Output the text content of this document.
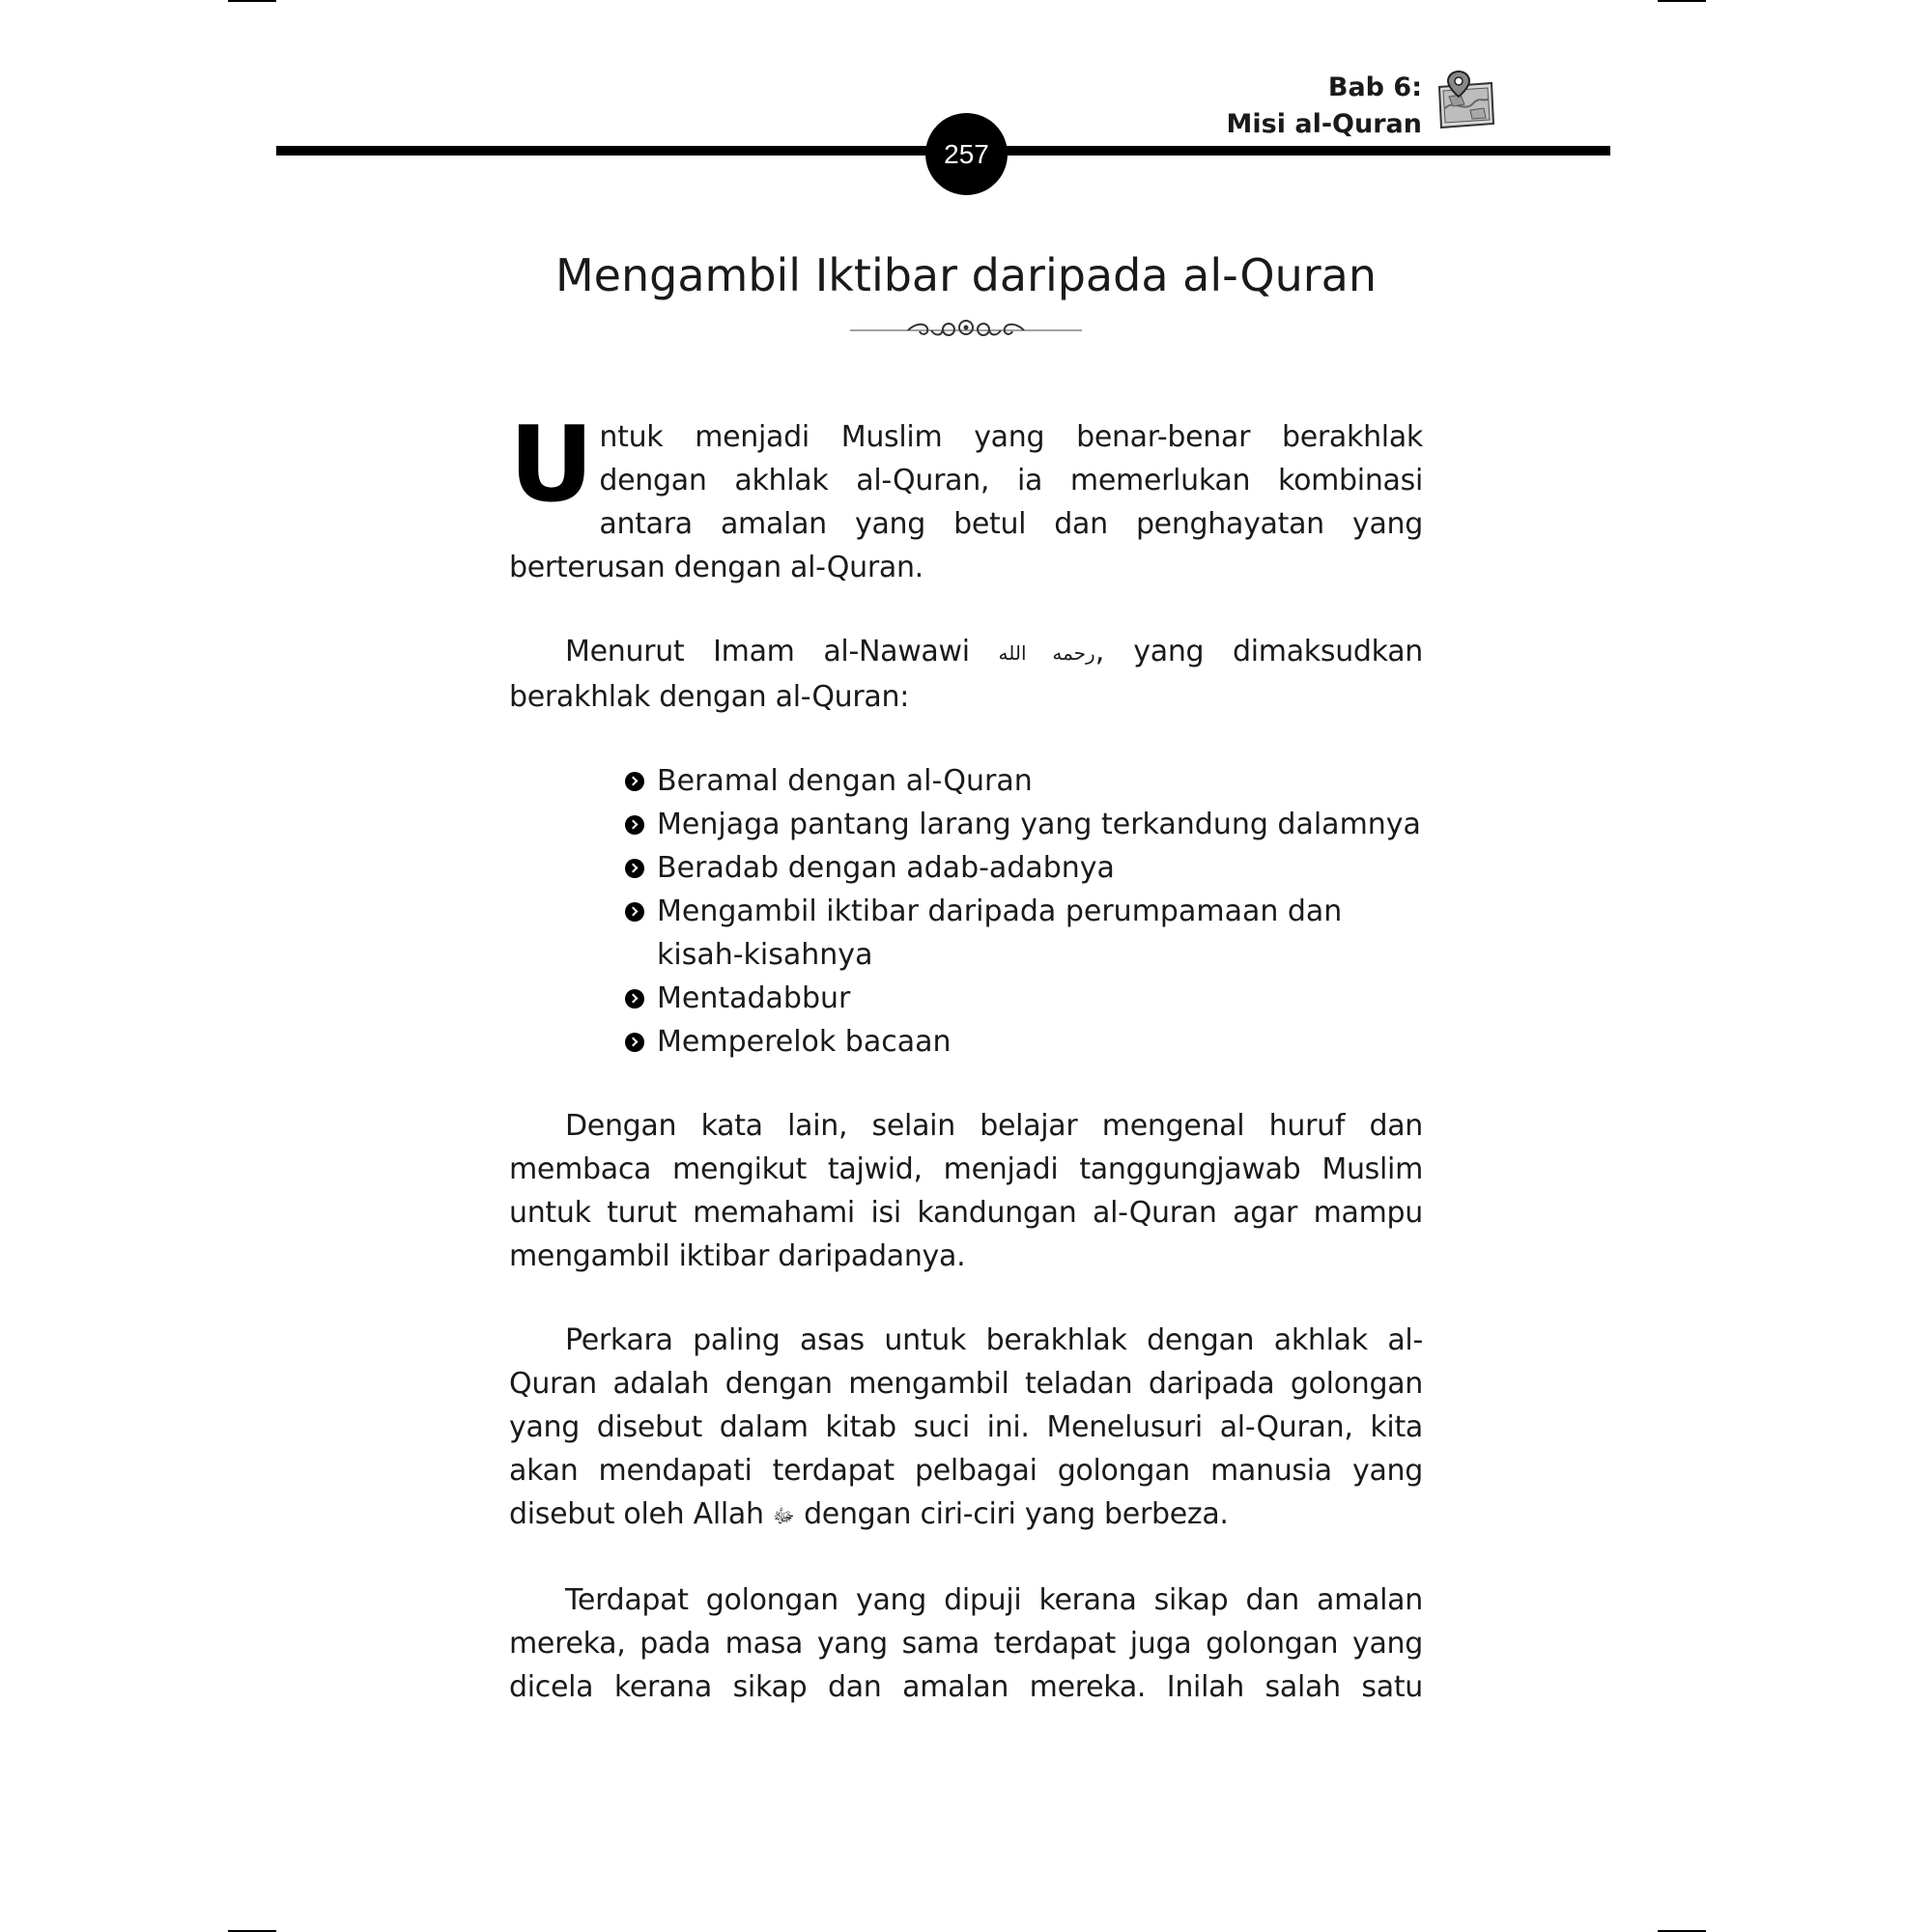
Bab 6:
Misi al-Quran
257
Mengambil Iktibar daripada al-Quran

Untuk menjadi Muslim yang benar-benar berakhlak dengan akhlak al-Quran, ia memerlukan kombinasi antara amalan yang betul dan penghayatan yang berterusan dengan al-Quran.

Menurut Imam al-Nawawi رحمه الله, yang dimaksudkan berakhlak dengan al-Quran:

Beramal dengan al-Quran
Menjaga pantang larang yang terkandung dalamnya
Beradab dengan adab-adabnya
Mengambil iktibar daripada perumpamaan dan kisah-kisahnya
Mentadabbur
Memperelok bacaan

Dengan kata lain, selain belajar mengenal huruf dan membaca mengikut tajwid, menjadi tanggungjawab Muslim untuk turut memahami isi kandungan al-Quran agar mampu mengambil iktibar daripadanya.

Perkara paling asas untuk berakhlak dengan akhlak al-Quran adalah dengan mengambil teladan daripada golongan yang disebut dalam kitab suci ini. Menelusuri al-Quran, kita akan mendapati terdapat pelbagai golongan manusia yang disebut oleh Allah ﷻ dengan ciri-ciri yang berbeza.

Terdapat golongan yang dipuji kerana sikap dan amalan mereka, pada masa yang sama terdapat juga golongan yang dicela kerana sikap dan amalan mereka. Inilah salah satu
